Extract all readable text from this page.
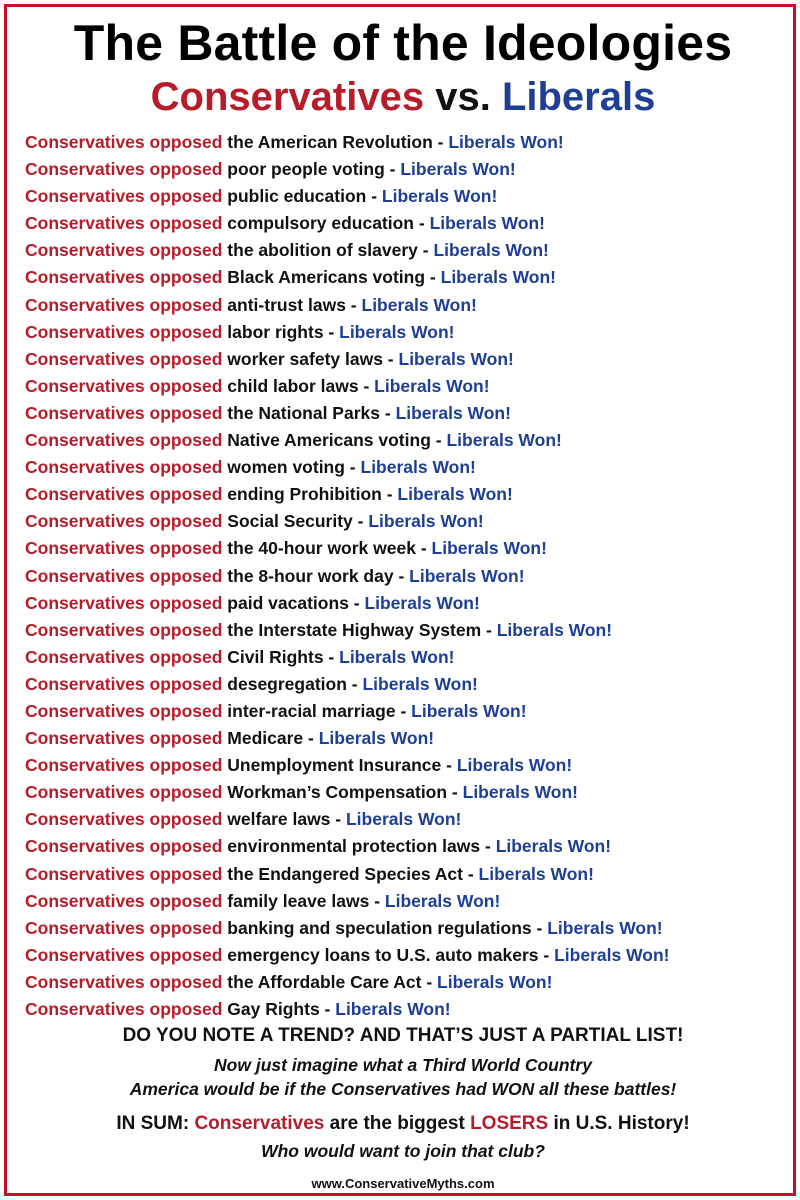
The Battle of the Ideologies
Conservatives vs. Liberals
Conservatives opposed the American Revolution - Liberals Won!
Conservatives opposed poor people voting - Liberals Won!
Conservatives opposed public education - Liberals Won!
Conservatives opposed compulsory education - Liberals Won!
Conservatives opposed the abolition of slavery - Liberals Won!
Conservatives opposed Black Americans voting - Liberals Won!
Conservatives opposed anti-trust laws - Liberals Won!
Conservatives opposed labor rights - Liberals Won!
Conservatives opposed worker safety laws - Liberals Won!
Conservatives opposed child labor laws - Liberals Won!
Conservatives opposed the National Parks - Liberals Won!
Conservatives opposed Native Americans voting - Liberals Won!
Conservatives opposed women voting - Liberals Won!
Conservatives opposed ending Prohibition - Liberals Won!
Conservatives opposed Social Security - Liberals Won!
Conservatives opposed the 40-hour work week - Liberals Won!
Conservatives opposed the 8-hour work day - Liberals Won!
Conservatives opposed paid vacations - Liberals Won!
Conservatives opposed the Interstate Highway System - Liberals Won!
Conservatives opposed Civil Rights - Liberals Won!
Conservatives opposed desegregation - Liberals Won!
Conservatives opposed inter-racial marriage - Liberals Won!
Conservatives opposed Medicare - Liberals Won!
Conservatives opposed Unemployment Insurance - Liberals Won!
Conservatives opposed Workman’s Compensation - Liberals Won!
Conservatives opposed welfare laws - Liberals Won!
Conservatives opposed environmental protection laws - Liberals Won!
Conservatives opposed the Endangered Species Act - Liberals Won!
Conservatives opposed family leave laws - Liberals Won!
Conservatives opposed banking and speculation regulations - Liberals Won!
Conservatives opposed emergency loans to U.S. auto makers - Liberals Won!
Conservatives opposed the Affordable Care Act - Liberals Won!
Conservatives opposed Gay Rights - Liberals Won!
DO YOU NOTE A TREND? AND THAT’S JUST A PARTIAL LIST!
Now just imagine what a Third World Country
America would be if the Conservatives had WON all these battles!
IN SUM: Conservatives are the biggest LOSERS in U.S. History!
Who would want to join that club?
www.ConservativeMyths.com
